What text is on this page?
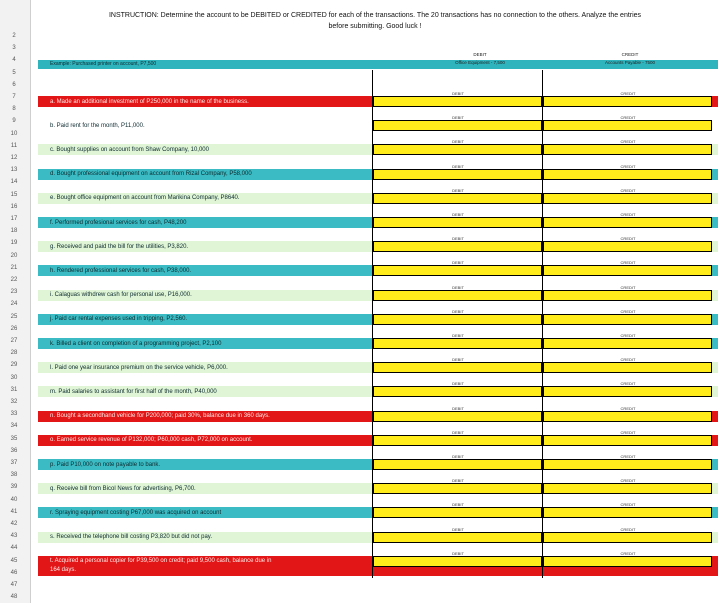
2
3
4
5
6
7
8
9
10
11
12
13
14
15
16
17
18
19
20
21
22
23
24
25
26
27
28
29
30
31
32
33
34
35
36
37
38
39
40
41
42
43
44
45
46
47
48
INSTRUCTION: Determine the account to be DEBITED or CREDITED for each of the transactions. The 20 transactions has no connection to the others. Analyze the entries
before submitting. Good luck !
DEBIT	CREDIT
Example: Purchased printer on account, P7,500	Office Equipment - 7,500	Accounts Payable - 7500
a. Made an additional investment of P250,000 in the name of the business.
DEBIT	CREDIT
b. Paid rent for the month, P11,000.
DEBIT	CREDIT
c. Bought supplies on account from Shaw Company, 10,000
DEBIT	CREDIT
d. Bought professional equipment on account from Rizal Company, P58,000
DEBIT	CREDIT
e. Bought office equipment on account from Marikina Company, P8640.
DEBIT	CREDIT
f. Performed profesional services for cash, P48,200
DEBIT	CREDIT
g. Received and paid the bill for the utilities, P3,820.
DEBIT	CREDIT
h. Rendered professional services for cash, P38,000.
DEBIT	CREDIT
i. Calaguas withdrew cash for personal use, P16,000.
DEBIT	CREDIT
j. Paid car rental expenses used in tripping, P2,560.
DEBIT	CREDIT
k. Billed a client on completion of a programming project, P2,100
DEBIT	CREDIT
l. Paid one year insurance premium on the service vehicle, P6,000.
DEBIT	CREDIT
m. Paid salaries to assistant for first half of the month, P40,000
DEBIT	CREDIT
n. Bought a secondhand vehicle for P200,000; paid 30%, balance due in 360 days.
DEBIT	CREDIT
o. Earned service revenue of P132,000; P60,000 cash, P72,000 on account.
DEBIT	CREDIT
p. Paid P10,000 on note payable to bank.
DEBIT	CREDIT
q. Receive bill from Bicol News for advertising, P6,700.
DEBIT	CREDIT
r. Spraying equipment costing P67,000 was acquired on account
DEBIT	CREDIT
s. Received the telephone bill costing P3,820 but did not pay.
DEBIT	CREDIT
t. Acquired a personal copier for P39,500 on credit; paid 9,500 cash, balance due in
164 days.
DEBIT	CREDIT
